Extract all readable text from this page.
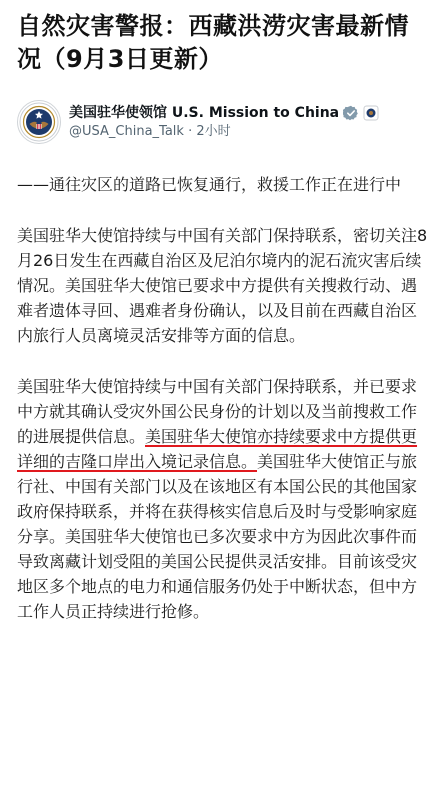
自然灾害警报：西藏洪涝灾害最新情况（9月3日更新）
美国驻华使领馆 U.S. Mission to China
@USA_China_Talk · 2小时

——通往灾区的道路已恢复通行，救援工作正在进行中

美国驻华大使馆持续与中国有关部门保持联系，密切关注8月26日发生在西藏自治区及尼泊尔境内的泥石流灾害后续情况。美国驻华大使馆已要求中方提供有关搜救行动、遇难者遗体寻回、遇难者身份确认，以及目前在西藏自治区内旅行人员离境灵活安排等方面的信息。

美国驻华大使馆持续与中国有关部门保持联系，并已要求中方就其确认受灾外国公民身份的计划以及当前搜救工作的进展提供信息。美国驻华大使馆亦持续要求中方提供更详细的吉隆口岸出入境记录信息。美国驻华大使馆正与旅行社、中国有关部门以及在该地区有本国公民的其他国家政府保持联系，并将在获得核实信息后及时与受影响家庭分享。美国驻华大使馆也已多次要求中方为因此次事件而导致离藏计划受阻的美国公民提供灵活安排。目前该受灾地区多个地点的电力和通信服务仍处于中断状态，但中方工作人员正持续进行抢修。
